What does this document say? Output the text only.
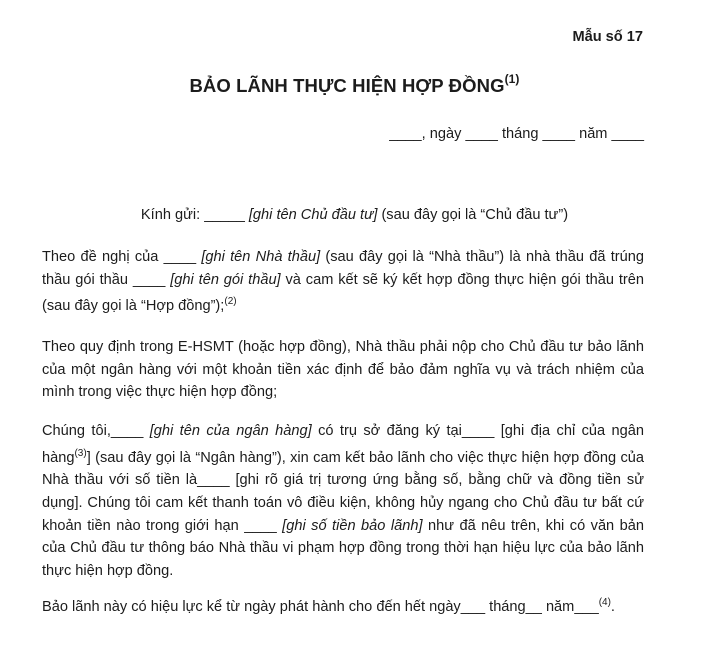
Mẫu số 17
BẢO LÃNH THỰC HIỆN HỢP ĐỒNG$^{(1)}$
____, ngày ____ tháng ____ năm ____
Kính gửi: _____ [ghi tên Chủ đầu tư] (sau đây gọi là “Chủ đầu tư”)
Theo đề nghị của ____ [ghi tên Nhà thầu] (sau đây gọi là “Nhà thầu”) là nhà thầu đã trúng thầu gói thầu ____ [ghi tên gói thầu] và cam kết sẽ ký kết hợp đồng thực hiện gói thầu trên (sau đây gọi là “Hợp đồng”);$^{(2)}$
Theo quy định trong E-HSMT (hoặc hợp đồng), Nhà thầu phải nộp cho Chủ đầu tư bảo lãnh của một ngân hàng với một khoản tiền xác định để bảo đảm nghĩa vụ và trách nhiệm của mình trong việc thực hiện hợp đồng;
Chúng tôi,____ [ghi tên của ngân hàng] có trụ sở đăng ký tại____ [ghi địa chỉ của ngân hàng$^{(3)}$] (sau đây gọi là “Ngân hàng”), xin cam kết bảo lãnh cho việc thực hiện hợp đồng của Nhà thầu với số tiền là____ [ghi rõ giá trị tương ứng bằng số, bằng chữ và đồng tiền sử dụng]. Chúng tôi cam kết thanh toán vô điều kiện, không hủy ngang cho Chủ đầu tư bất cứ khoản tiền nào trong giới hạn ____ [ghi số tiền bảo lãnh] như đã nêu trên, khi có văn bản của Chủ đầu tư thông báo Nhà thầu vi phạm hợp đồng trong thời hạn hiệu lực của bảo lãnh thực hiện hợp đồng.
Bảo lãnh này có hiệu lực kể từ ngày phát hành cho đến hết ngày___ tháng__ năm___$^{(4)}$.
